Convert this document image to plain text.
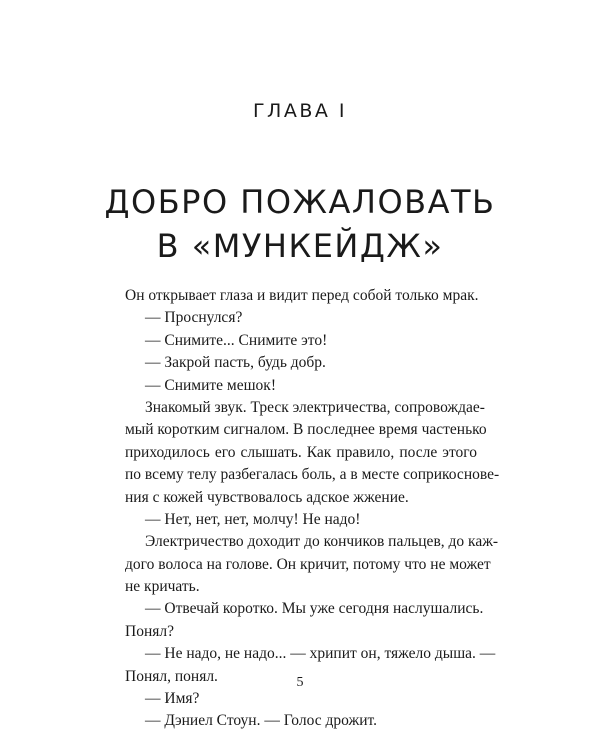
ГЛАВА I
ДОБРО ПОЖАЛОВАТЬ
В «МУНКЕЙДЖ»
Он открывает глаза и видит перед собой только мрак.
— Проснулся?
— Снимите... Снимите это!
— Закрой пасть, будь добр.
— Снимите мешок!
Знакомый звук. Треск электричества, сопровождае-
мый коротким сигналом. В последнее время частенько
приходилось его слышать. Как правило, после этого
по всему телу разбегалась боль, а в месте соприкоснове-
ния с кожей чувствовалось адское жжение.
— Нет, нет, нет, молчу! Не надо!
Электричество доходит до кончиков пальцев, до каж-
дого волоса на голове. Он кричит, потому что не может
не кричать.
— Отвечай коротко. Мы уже сегодня наслушались.
Понял?
— Не надо, не надо... — хрипит он, тяжело дыша. —
Понял, понял.
— Имя?
— Дэниел Стоун. — Голос дрожит.
5
